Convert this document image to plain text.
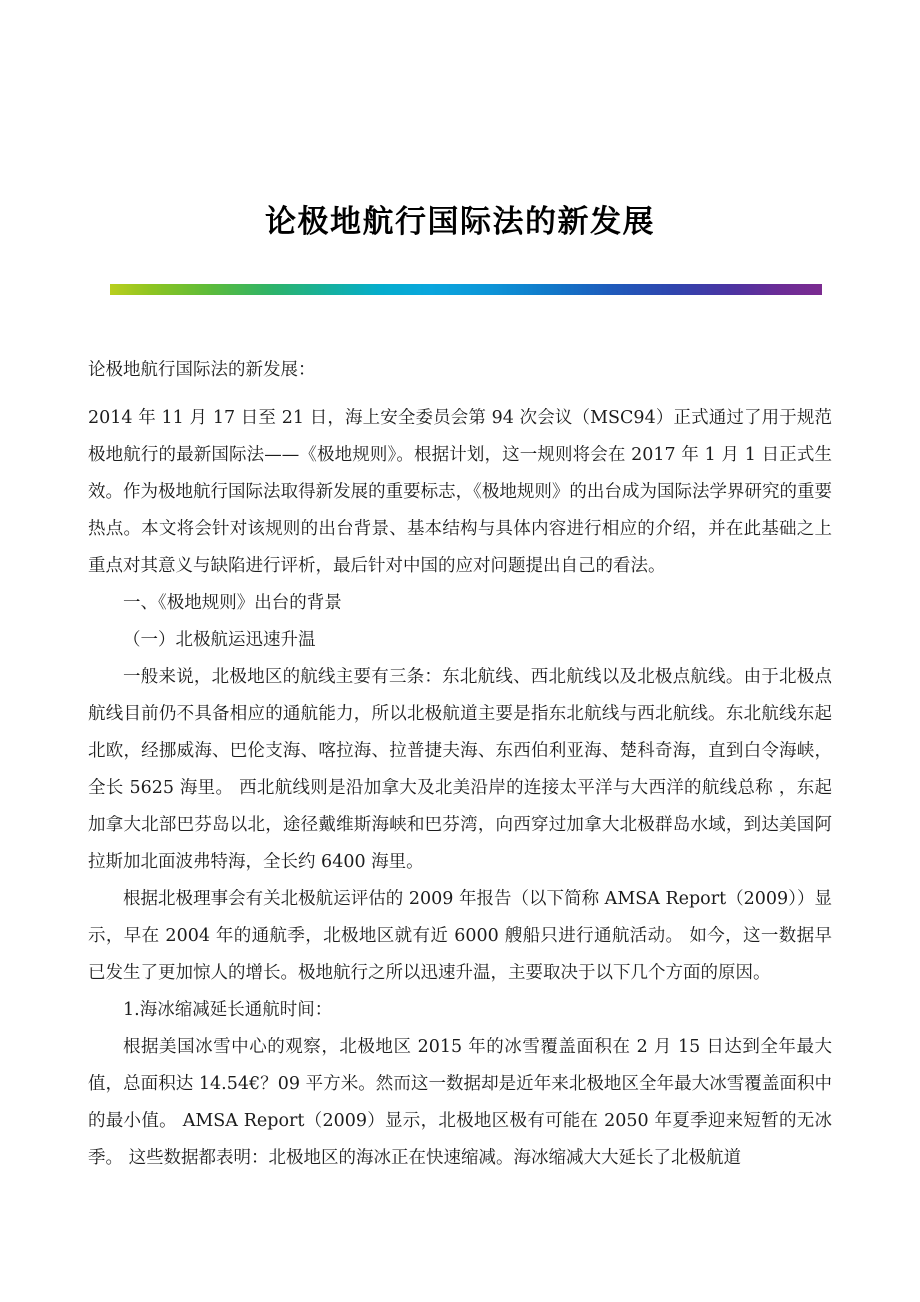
论极地航行国际法的新发展

论极地航行国际法的新发展：

2014 年 11 月 17 日至 21 日，海上安全委员会第 94 次会议（MSC94）正式通过了用于规范极地航行的最新国际法——《极地规则》。根据计划，这一规则将会在 2017 年 1 月 1 日正式生效。作为极地航行国际法取得新发展的重要标志，《极地规则》的出台成为国际法学界研究的重要热点。本文将会针对该规则的出台背景、基本结构与具体内容进行相应的介绍，并在此基础之上重点对其意义与缺陷进行评析，最后针对中国的应对问题提出自己的看法。

一、《极地规则》出台的背景

（一）北极航运迅速升温

一般来说，北极地区的航线主要有三条：东北航线、西北航线以及北极点航线。由于北极点航线目前仍不具备相应的通航能力，所以北极航道主要是指东北航线与西北航线。东北航线东起北欧，经挪威海、巴伦支海、喀拉海、拉普捷夫海、东西伯利亚海、楚科奇海，直到白令海峡，全长 5625 海里。 西北航线则是沿加拿大及北美沿岸的连接太平洋与大西洋的航线总称 ，东起加拿大北部巴芬岛以北，途径戴维斯海峡和巴芬湾，向西穿过加拿大北极群岛水域，到达美国阿拉斯加北面波弗特海，全长约 6400 海里。

根据北极理事会有关北极航运评估的 2009 年报告（以下简称 AMSA Report（2009））显示，早在 2004 年的通航季，北极地区就有近 6000 艘船只进行通航活动。 如今，这一数据早已发生了更加惊人的增长。极地航行之所以迅速升温，主要取决于以下几个方面的原因。

1.海冰缩减延长通航时间：

根据美国冰雪中心的观察，北极地区 2015 年的冰雪覆盖面积在 2 月 15 日达到全年最大值，总面积达 14.54€？09 平方米。然而这一数据却是近年来北极地区全年最大冰雪覆盖面积中的最小值。 AMSA Report（2009）显示，北极地区极有可能在 2050 年夏季迎来短暂的无冰季。 这些数据都表明：北极地区的海冰正在快速缩减。海冰缩减大大延长了北极航道
